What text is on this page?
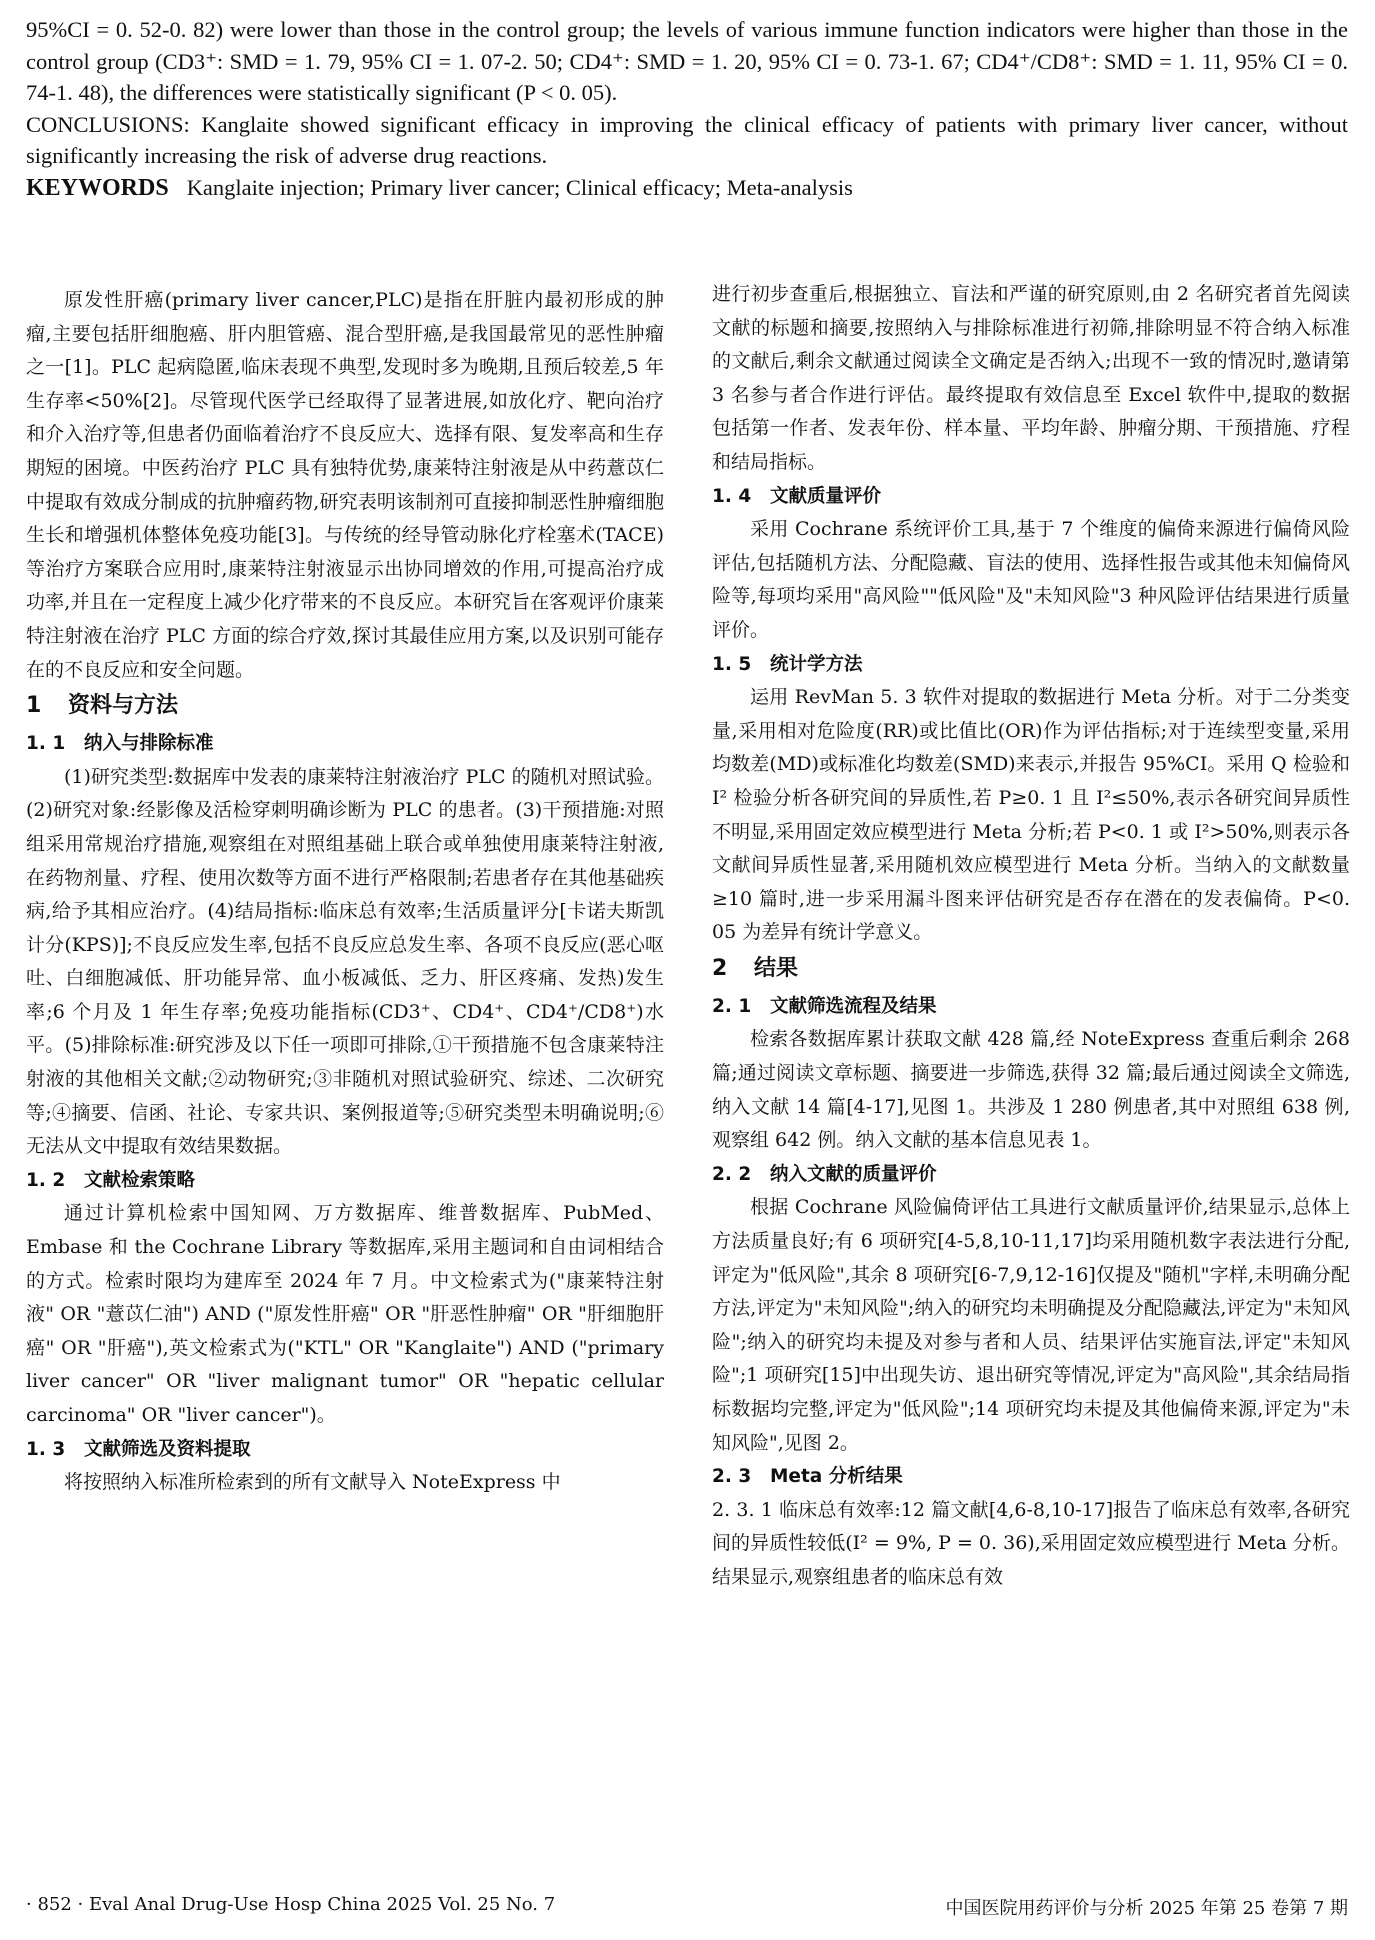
95%CI = 0. 52-0. 82) were lower than those in the control group; the levels of various immune function indicators were higher than those in the control group (CD3⁺: SMD = 1. 79, 95% CI = 1. 07-2. 50; CD4⁺: SMD = 1. 20, 95% CI = 0. 73-1. 67; CD4⁺/CD8⁺: SMD = 1. 11, 95% CI = 0. 74-1. 48), the differences were statistically significant (P < 0. 05).

CONCLUSIONS: Kanglaite showed significant efficacy in improving the clinical efficacy of patients with primary liver cancer, without significantly increasing the risk of adverse drug reactions.

KEYWORDS Kanglaite injection; Primary liver cancer; Clinical efficacy; Meta-analysis

原发性肝癌(primary liver cancer,PLC)是指在肝脏内最初形成的肿瘤,主要包括肝细胞癌、肝内胆管癌、混合型肝癌,是我国最常见的恶性肿瘤之一[1]。PLC 起病隐匿,临床表现不典型,发现时多为晚期,且预后较差,5 年生存率<50%[2]。尽管现代医学已经取得了显著进展,如放化疗、靶向治疗和介入治疗等,但患者仍面临着治疗不良反应大、选择有限、复发率高和生存期短的困境。中医药治疗 PLC 具有独特优势,康莱特注射液是从中药薏苡仁中提取有效成分制成的抗肿瘤药物,研究表明该制剂可直接抑制恶性肿瘤细胞生长和增强机体整体免疫功能[3]。与传统的经导管动脉化疗栓塞术(TACE)等治疗方案联合应用时,康莱特注射液显示出协同增效的作用,可提高治疗成功率,并且在一定程度上减少化疗带来的不良反应。本研究旨在客观评价康莱特注射液在治疗 PLC 方面的综合疗效,探讨其最佳应用方案,以及识别可能存在的不良反应和安全问题。

1 资料与方法
1. 1 纳入与排除标准

(1)研究类型:数据库中发表的康莱特注射液治疗 PLC 的随机对照试验。(2)研究对象:经影像及活检穿刺明确诊断为 PLC 的患者。(3)干预措施:对照组采用常规治疗措施,观察组在对照组基础上联合或单独使用康莱特注射液,在药物剂量、疗程、使用次数等方面不进行严格限制;若患者存在其他基础疾病,给予其相应治疗。(4)结局指标:临床总有效率;生活质量评分[卡诺夫斯凯计分(KPS)];不良反应发生率,包括不良反应总发生率、各项不良反应(恶心呕吐、白细胞减低、肝功能异常、血小板减低、乏力、肝区疼痛、发热)发生率;6 个月及 1 年生存率;免疫功能指标(CD3⁺、CD4⁺、CD4⁺/CD8⁺)水平。(5)排除标准:研究涉及以下任一项即可排除,①干预措施不包含康莱特注射液的其他相关文献;②动物研究;③非随机对照试验研究、综述、二次研究等;④摘要、信函、社论、专家共识、案例报道等;⑤研究类型未明确说明;⑥无法从文中提取有效结果数据。

1. 2 文献检索策略

通过计算机检索中国知网、万方数据库、维普数据库、PubMed、Embase 和 the Cochrane Library 等数据库,采用主题词和自由词相结合的方式。检索时限均为建库至 2024 年 7 月。中文检索式为("康莱特注射液" OR "薏苡仁油") AND ("原发性肝癌" OR "肝恶性肿瘤" OR "肝细胞肝癌" OR "肝癌"),英文检索式为("KTL" OR "Kanglaite") AND ("primary liver cancer" OR "liver malignant tumor" OR "hepatic cellular carcinoma" OR "liver cancer")。

1. 3 文献筛选及资料提取

将按照纳入标准所检索到的所有文献导入 NoteExpress 中

进行初步查重后,根据独立、盲法和严谨的研究原则,由 2 名研究者首先阅读文献的标题和摘要,按照纳入与排除标准进行初筛,排除明显不符合纳入标准的文献后,剩余文献通过阅读全文确定是否纳入;出现不一致的情况时,邀请第 3 名参与者合作进行评估。最终提取有效信息至 Excel 软件中,提取的数据包括第一作者、发表年份、样本量、平均年龄、肿瘤分期、干预措施、疗程和结局指标。

1. 4 文献质量评价

采用 Cochrane 系统评价工具,基于 7 个维度的偏倚来源进行偏倚风险评估,包括随机方法、分配隐藏、盲法的使用、选择性报告或其他未知偏倚风险等,每项均采用"高风险""低风险"及"未知风险"3 种风险评估结果进行质量评价。

1. 5 统计学方法

运用 RevMan 5. 3 软件对提取的数据进行 Meta 分析。对于二分类变量,采用相对危险度(RR)或比值比(OR)作为评估指标;对于连续型变量,采用均数差(MD)或标准化均数差(SMD)来表示,并报告 95%CI。采用 Q 检验和 I² 检验分析各研究间的异质性,若 P≥0. 1 且 I²≤50%,表示各研究间异质性不明显,采用固定效应模型进行 Meta 分析;若 P<0. 1 或 I²>50%,则表示各文献间异质性显著,采用随机效应模型进行 Meta 分析。当纳入的文献数量≥10 篇时,进一步采用漏斗图来评估研究是否存在潜在的发表偏倚。P<0. 05 为差异有统计学意义。

2 结果
2. 1 文献筛选流程及结果

检索各数据库累计获取文献 428 篇,经 NoteExpress 查重后剩余 268 篇;通过阅读文章标题、摘要进一步筛选,获得 32 篇;最后通过阅读全文筛选,纳入文献 14 篇[4-17],见图 1。共涉及 1 280 例患者,其中对照组 638 例,观察组 642 例。纳入文献的基本信息见表 1。

2. 2 纳入文献的质量评价

根据 Cochrane 风险偏倚评估工具进行文献质量评价,结果显示,总体上方法质量良好;有 6 项研究[4-5,8,10-11,17]均采用随机数字表法进行分配,评定为"低风险",其余 8 项研究[6-7,9,12-16]仅提及"随机"字样,未明确分配方法,评定为"未知风险";纳入的研究均未明确提及分配隐藏法,评定为"未知风险";纳入的研究均未提及对参与者和人员、结果评估实施盲法,评定"未知风险";1 项研究[15]中出现失访、退出研究等情况,评定为"高风险",其余结局指标数据均完整,评定为"低风险";14 项研究均未提及其他偏倚来源,评定为"未知风险",见图 2。

2. 3 Meta 分析结果

2. 3. 1 临床总有效率:12 篇文献[4,6-8,10-17]报告了临床总有效率,各研究间的异质性较低(I² = 9%, P = 0. 36),采用固定效应模型进行 Meta 分析。结果显示,观察组患者的临床总有效

· 852 · Eval Anal Drug-Use Hosp China 2025 Vol. 25 No. 7	中国医院用药评价与分析 2025 年第 25 卷第 7 期
